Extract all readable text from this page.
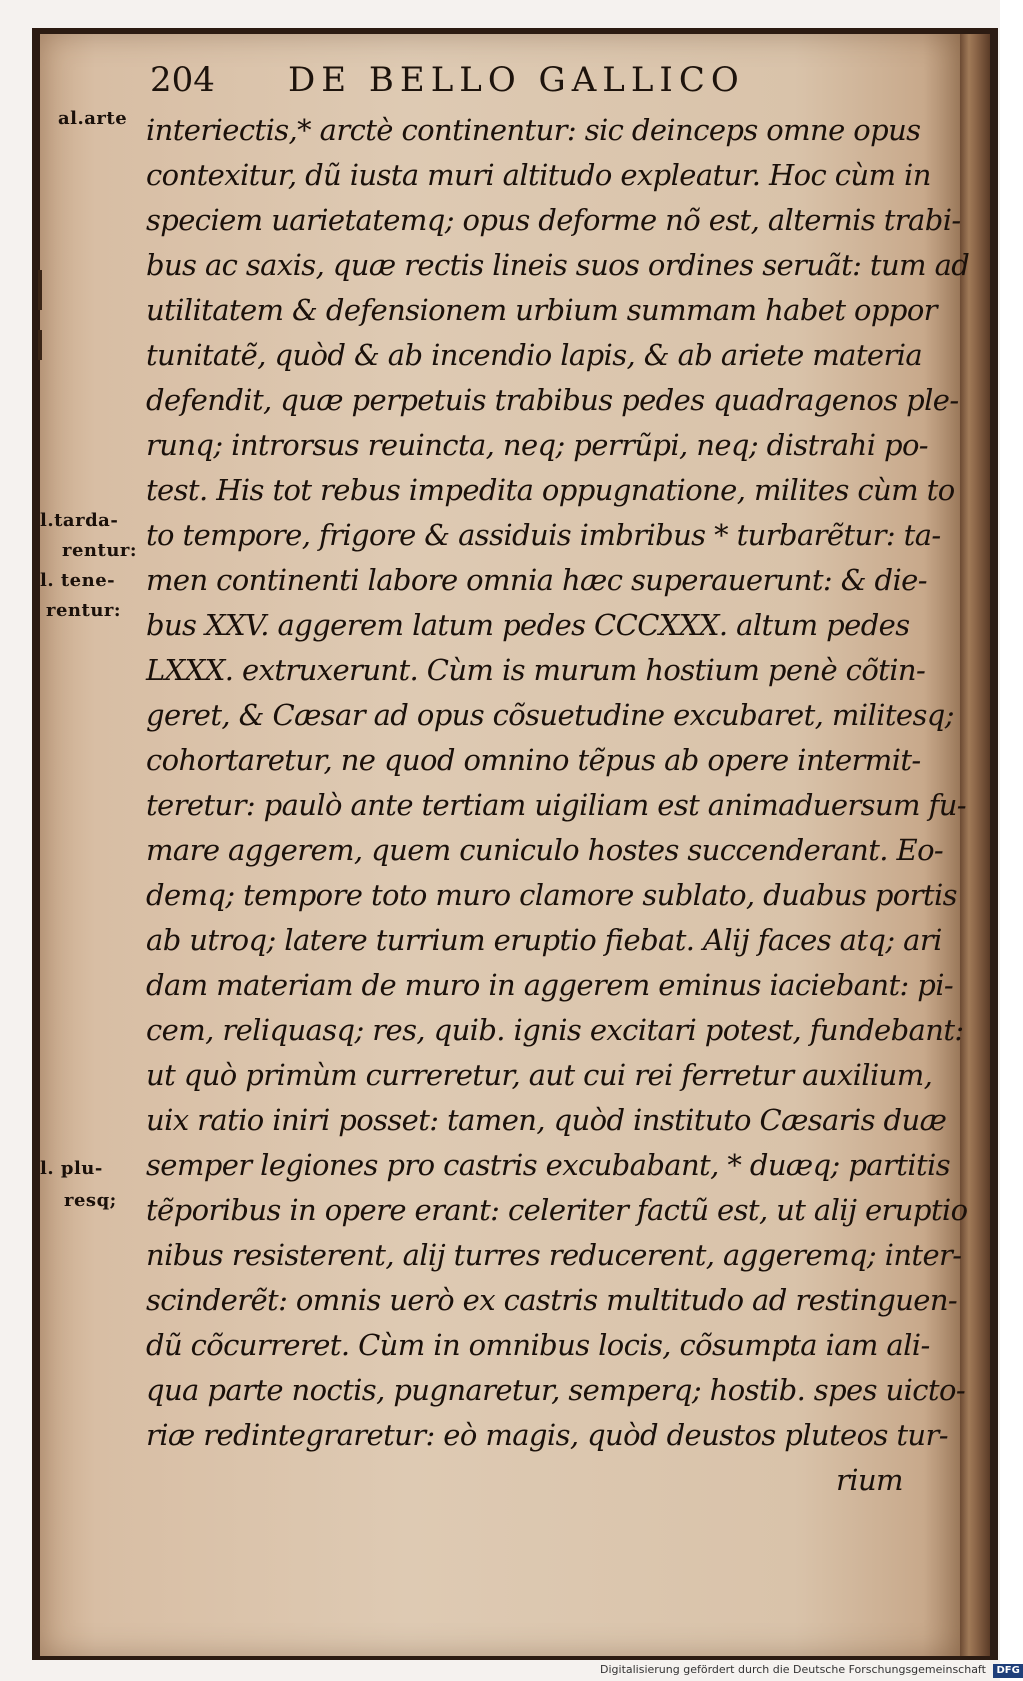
204 DE BELLO GALLICO
al.arte
l.tarda-
rentur:
l. tene-
rentur:
l. plu-
resq;
interiectis,* arctè continentur: sic deinceps omne opus
contexitur, dũ iusta muri altitudo expleatur. Hoc cùm in
speciem uarietatemq; opus deforme nõ est, alternis trabi-
bus ac saxis, quæ rectis lineis suos ordines seruãt: tum ad
utilitatem & defensionem urbium summam habet oppor
tunitatẽ, quòd & ab incendio lapis, & ab ariete materia
defendit, quæ perpetuis trabibus pedes quadragenos ple-
runq; introrsus reuincta, neq; perrũpi, neq; distrahi po-
test. His tot rebus impedita oppugnatione, milites cùm to
to tempore, frigore & assiduis imbribus * turbarẽtur: ta-
men continenti labore omnia hæc superauerunt: & die-
bus XXV. aggerem latum pedes CCCXXX. altum pedes
LXXX. extruxerunt. Cùm is murum hostium penè cõtin-
geret, & Cæsar ad opus cõsuetudine excubaret, militesq;
cohortaretur, ne quod omnino tẽpus ab opere intermit-
teretur: paulò ante tertiam uigiliam est animaduersum fu-
mare aggerem, quem cuniculo hostes succenderant. Eo-
demq; tempore toto muro clamore sublato, duabus portis
ab utroq; latere turrium eruptio fiebat. Alij faces atq; ari
dam materiam de muro in aggerem eminus iaciebant: pi-
cem, reliquasq; res, quib. ignis excitari potest, fundebant:
ut quò primùm curreretur, aut cui rei ferretur auxilium,
uix ratio iniri posset: tamen, quòd instituto Cæsaris duæ
semper legiones pro castris excubabant, * duæq; partitis
tẽporibus in opere erant: celeriter factũ est, ut alij eruptio
nibus resisterent, alij turres reducerent, aggeremq; inter-
scinderẽt: omnis uerò ex castris multitudo ad restinguen-
dũ cõcurreret. Cùm in omnibus locis, cõsumpta iam ali-
qua parte noctis, pugnaretur, semperq; hostib. spes uicto-
riæ redintegraretur: eò magis, quòd deustos pluteos tur-
rium
Digitalisierung gefördert durch die Deutsche Forschungsgemeinschaft DFG
